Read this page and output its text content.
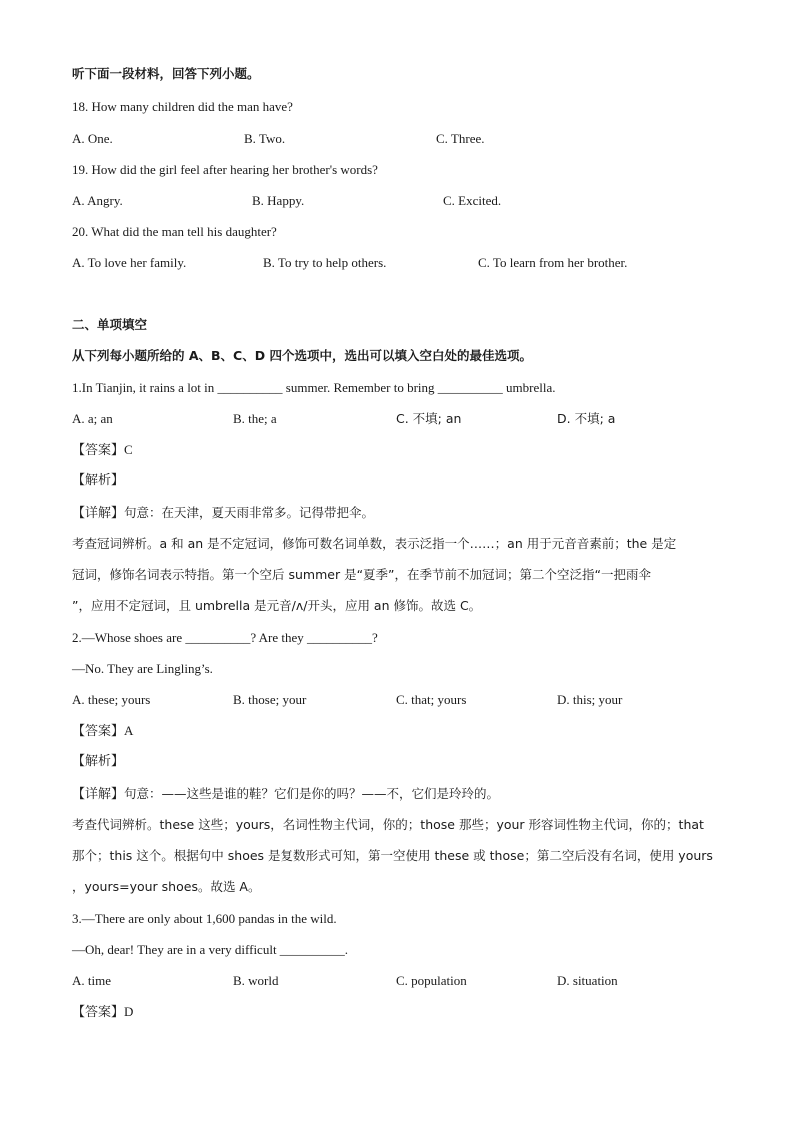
听下面一段材料，回答下列小题。
18. How many children did the man have?
A. One.	B. Two.	C. Three.
19. How did the girl feel after hearing her brother's words?
A. Angry.	B. Happy.	C. Excited.
20. What did the man tell his daughter?
A. To love her family.	B. To try to help others.	C. To learn from her brother.
二、单项填空
从下列每小题所给的 A、B、C、D 四个选项中，选出可以填入空白处的最佳选项。
1.In Tianjin, it rains a lot in __________ summer. Remember to bring __________ umbrella.
A. a; an	B. the; a	C. 不填; an	D. 不填; a
【答案】C
【解析】
【详解】句意：在天津，夏天雨非常多。记得带把伞。
考查冠词辨析。a 和 an 是不定冠词，修饰可数名词单数，表示泛指一个……；an 用于元音音素前；the 是定
冠词，修饰名词表示特指。第一个空后 summer 是“夏季”，在季节前不加冠词；第二个空泛指“一把雨伞
”，应用不定冠词，且 umbrella 是元音/ʌ/开头，应用 an 修饰。故选 C。
2.—Whose shoes are __________? Are they __________?
—No. They are Lingling’s.
A. these; yours	B. those; your	C. that; yours	D. this; your
【答案】A
【解析】
【详解】句意：——这些是谁的鞋？它们是你的吗？——不，它们是玲玲的。
考查代词辨析。these 这些；yours，名词性物主代词，你的；those 那些；your 形容词性物主代词，你的；that
那个；this 这个。根据句中 shoes 是复数形式可知，第一空使用 these 或 those；第二空后没有名词，使用 yours
，yours=your shoes。故选 A。
3.—There are only about 1,600 pandas in the wild.
—Oh, dear! They are in a very difficult __________.
A. time	B. world	C. population	D. situation
【答案】D
